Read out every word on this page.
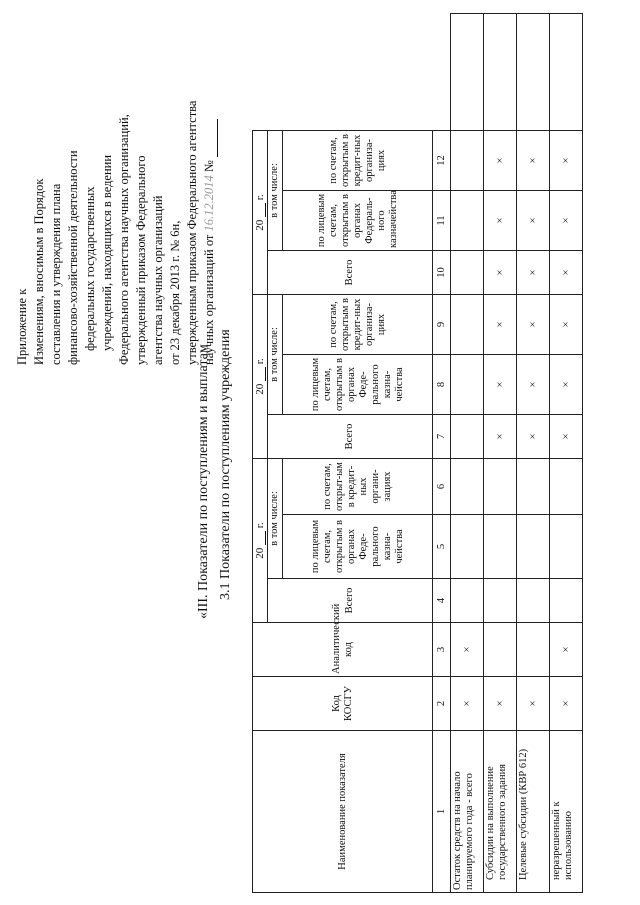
Приложение к Изменениям, вносимым в Порядок составления и утверждения плана финансово-хозяйственной деятельности федеральных государственных учреждений, находящихся в ведении Федерального агентства научных организаций, утвержденный приказом Федерального агентства научных организаций от 23 декабря 2013 г. № 6н, утвержденным приказом Федерального агентства научных организаций от 16.12.2014 №
«III. Показатели по поступлениям и выплатам 3.1 Показатели по поступлениям учреждения
Наименование показателя	Код КОСГУ	Аналитический код	20  г.			20  г.			20  г.			
			Всего	в том числе:		Всего	в том числе:		Всего	в том числе:		
				по лицевым счетам, открытым в органах Феде-рального казна-чейства	по счетам, открыт-ым в кредит-ных органи-зациях		по лицевым счетам, открытым в органах Феде-рального казна-чейства	по счетам, открытым в кредит-ных организа-циях		по лицевым счетам, открытым в органах Федераль-ного казначейства	по счетам, открытым в кредит-ных организа-циях	
1	2	3	4	5	6	7	8	9	10	11	12	
Остаток средств на начало планируемого года - всего	×	×										
Субсидии на выполнение государственного задания	×					×	×	×	×	×	×	
Целевые субсидии (КВР 612)	×					×	×	×	×	×	×	
неразрешенный к использованию	×	×				×	×	×	×	×	×	
